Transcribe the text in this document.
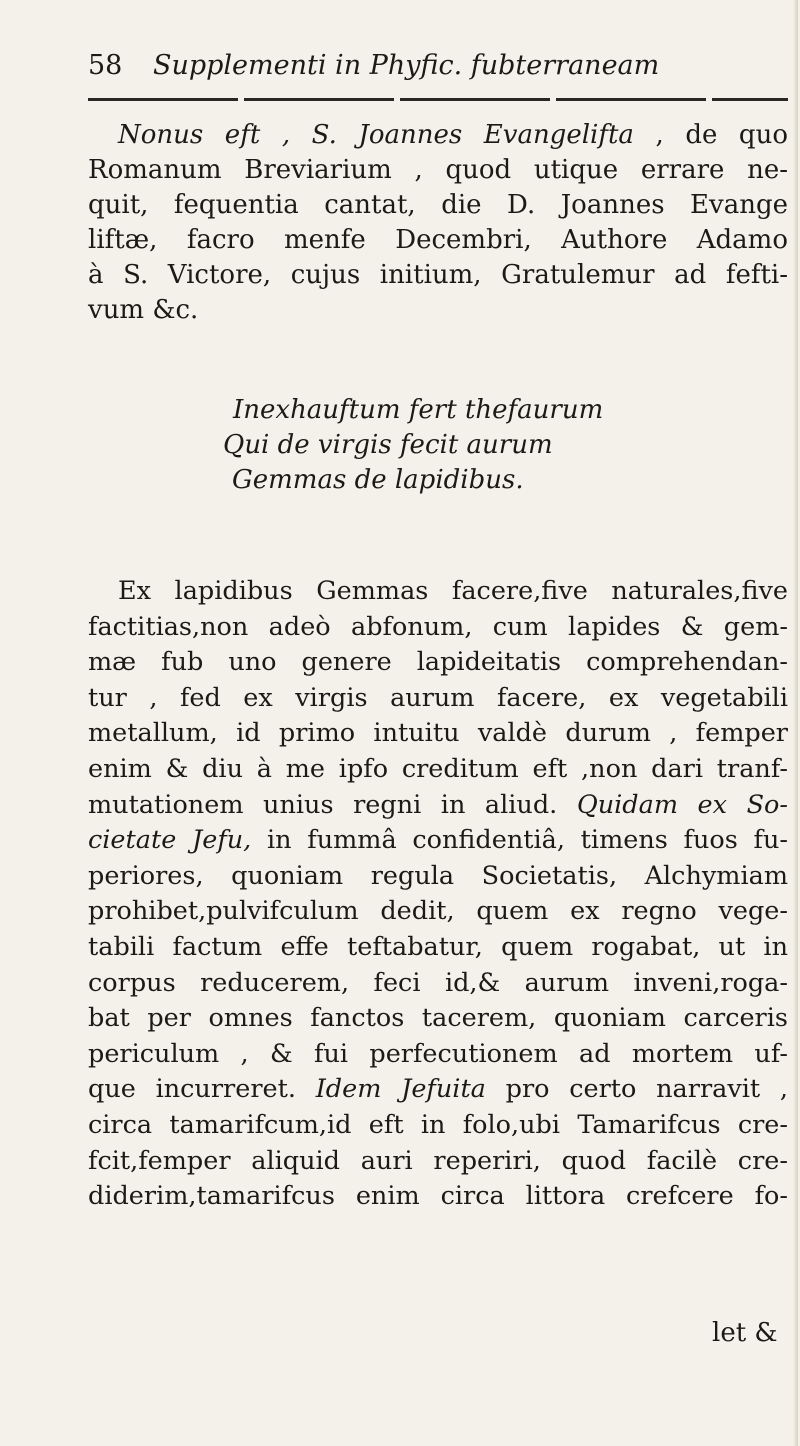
58 Supplementi in Phyfic. fubterraneam
Nonus eft , S. Joannes Evangelifta , de quo
Romanum Breviarium , quod utique errare ne-
quit, fequentia cantat, die D. Joannes Evange
liftæ, facro menfe Decembri, Authore Adamo
à S. Victore, cujus initium, Gratulemur ad fefti-
vum &c.
Inexhauftum fert thefaurum
Qui de virgis fecit aurum
Gemmas de lapidibus.
Ex lapidibus Gemmas facere,five naturales,five
factitias,non adeò abfonum, cum lapides & gem-
mæ fub uno genere lapideitatis comprehendan-
tur , fed ex virgis aurum facere, ex vegetabili
metallum, id primo intuitu valdè durum , femper
enim & diu à me ipfo creditum eft ,non dari tranf-
mutationem unius regni in aliud. Quidam ex So-
cietate Jefu, in fummâ confidentiâ, timens fuos fu-
periores, quoniam regula Societatis, Alchymiam
prohibet,pulvifculum dedit, quem ex regno vege-
tabili factum effe teftabatur, quem rogabat, ut in
corpus reducerem, feci id,& aurum inveni,roga-
bat per omnes fanctos tacerem, quoniam carceris
periculum , & fui perfecutionem ad mortem uf-
que incurreret. Idem Jefuita pro certo narravit ,
circa tamarifcum,id eft in folo,ubi Tamarifcus cre-
fcit,femper aliquid auri reperiri, quod facilè cre-
diderim,tamarifcus enim circa littora crefcere fo-
let &
